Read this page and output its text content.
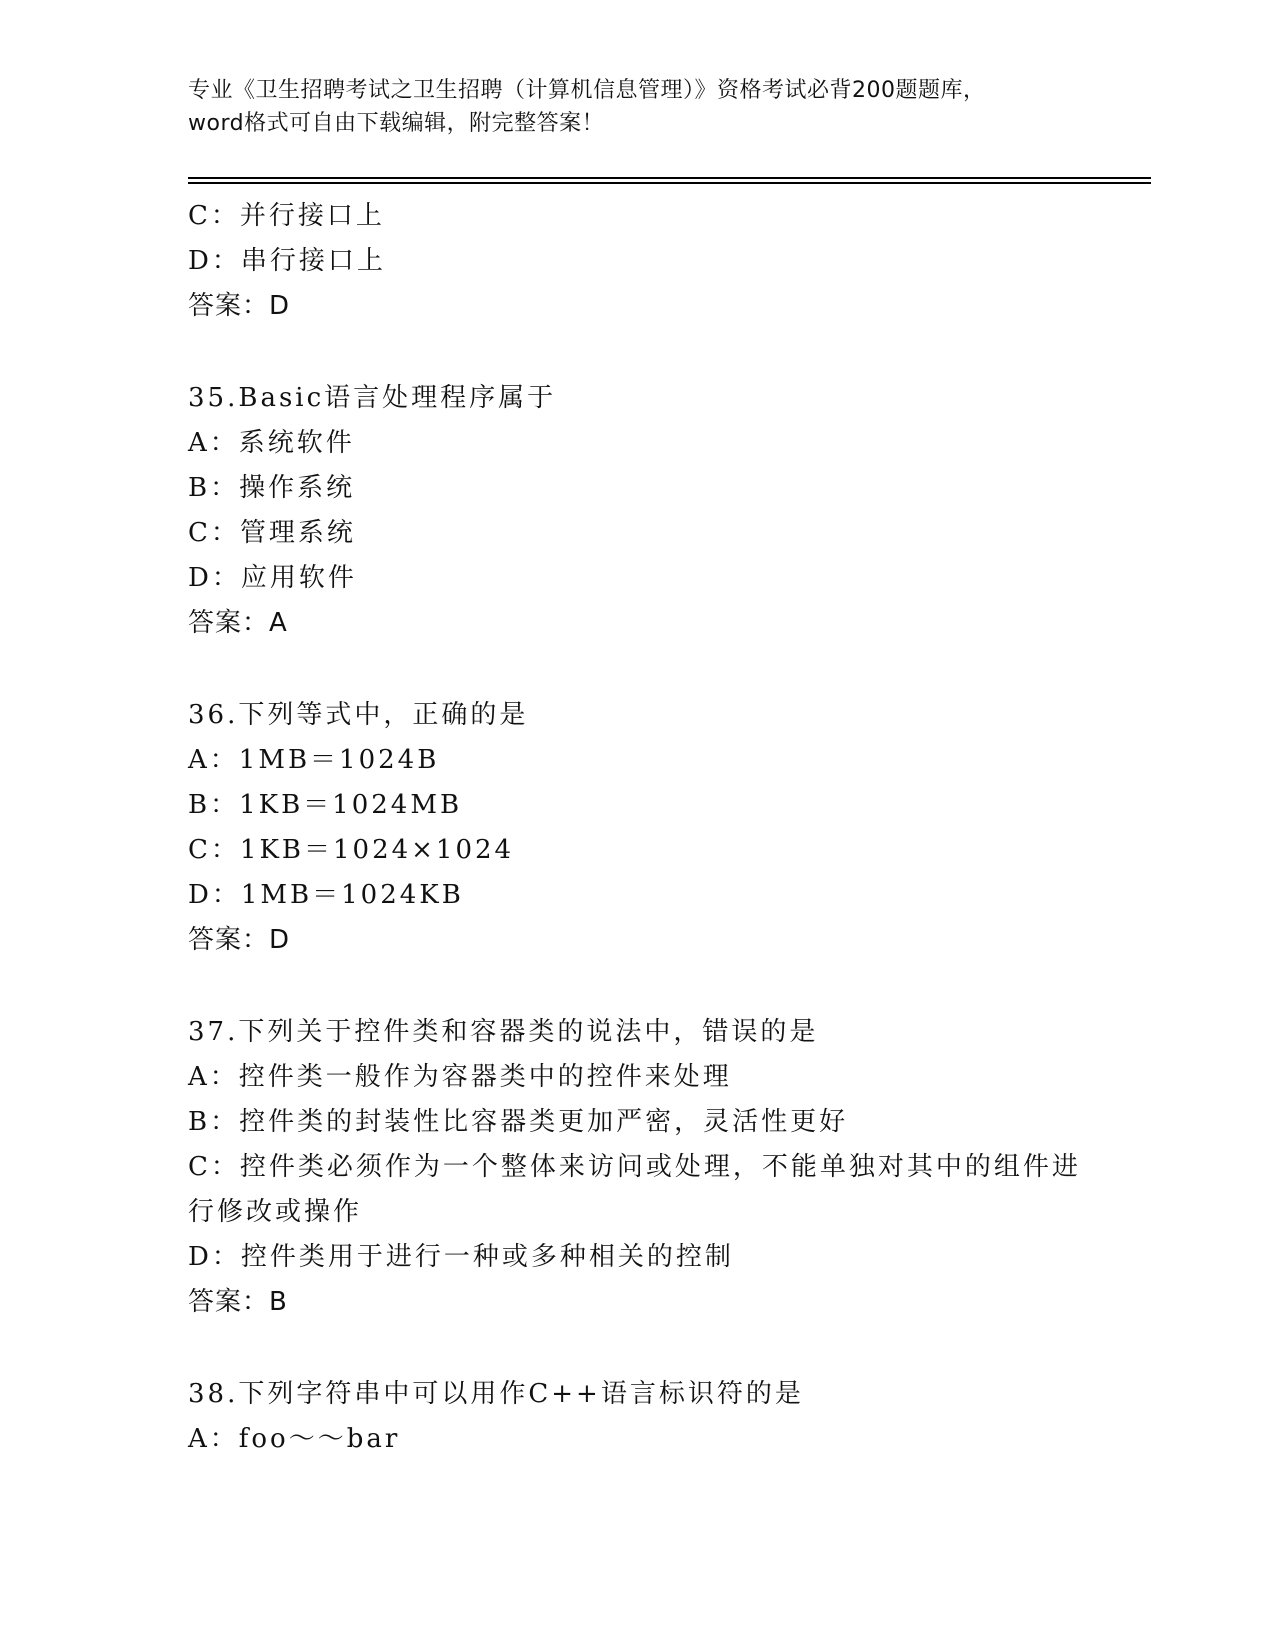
专业《卫生招聘考试之卫生招聘（计算机信息管理）》资格考试必背200题题库，
word格式可自由下载编辑，附完整答案！
C：并行接口上
D：串行接口上
答案：D
35.Basic语言处理程序属于
A：系统软件
B：操作系统
C：管理系统
D：应用软件
答案：A
36.下列等式中，正确的是
A：1MB＝1024B
B：1KB＝1024MB
C：1KB＝1024×1024
D：1MB＝1024KB
答案：D
37.下列关于控件类和容器类的说法中，错误的是
A：控件类一般作为容器类中的控件来处理
B：控件类的封装性比容器类更加严密，灵活性更好
C：控件类必须作为一个整体来访问或处理，不能单独对其中的组件进
行修改或操作
D：控件类用于进行一种或多种相关的控制
答案：B
38.下列字符串中可以用作C++语言标识符的是
A：foo～～bar
